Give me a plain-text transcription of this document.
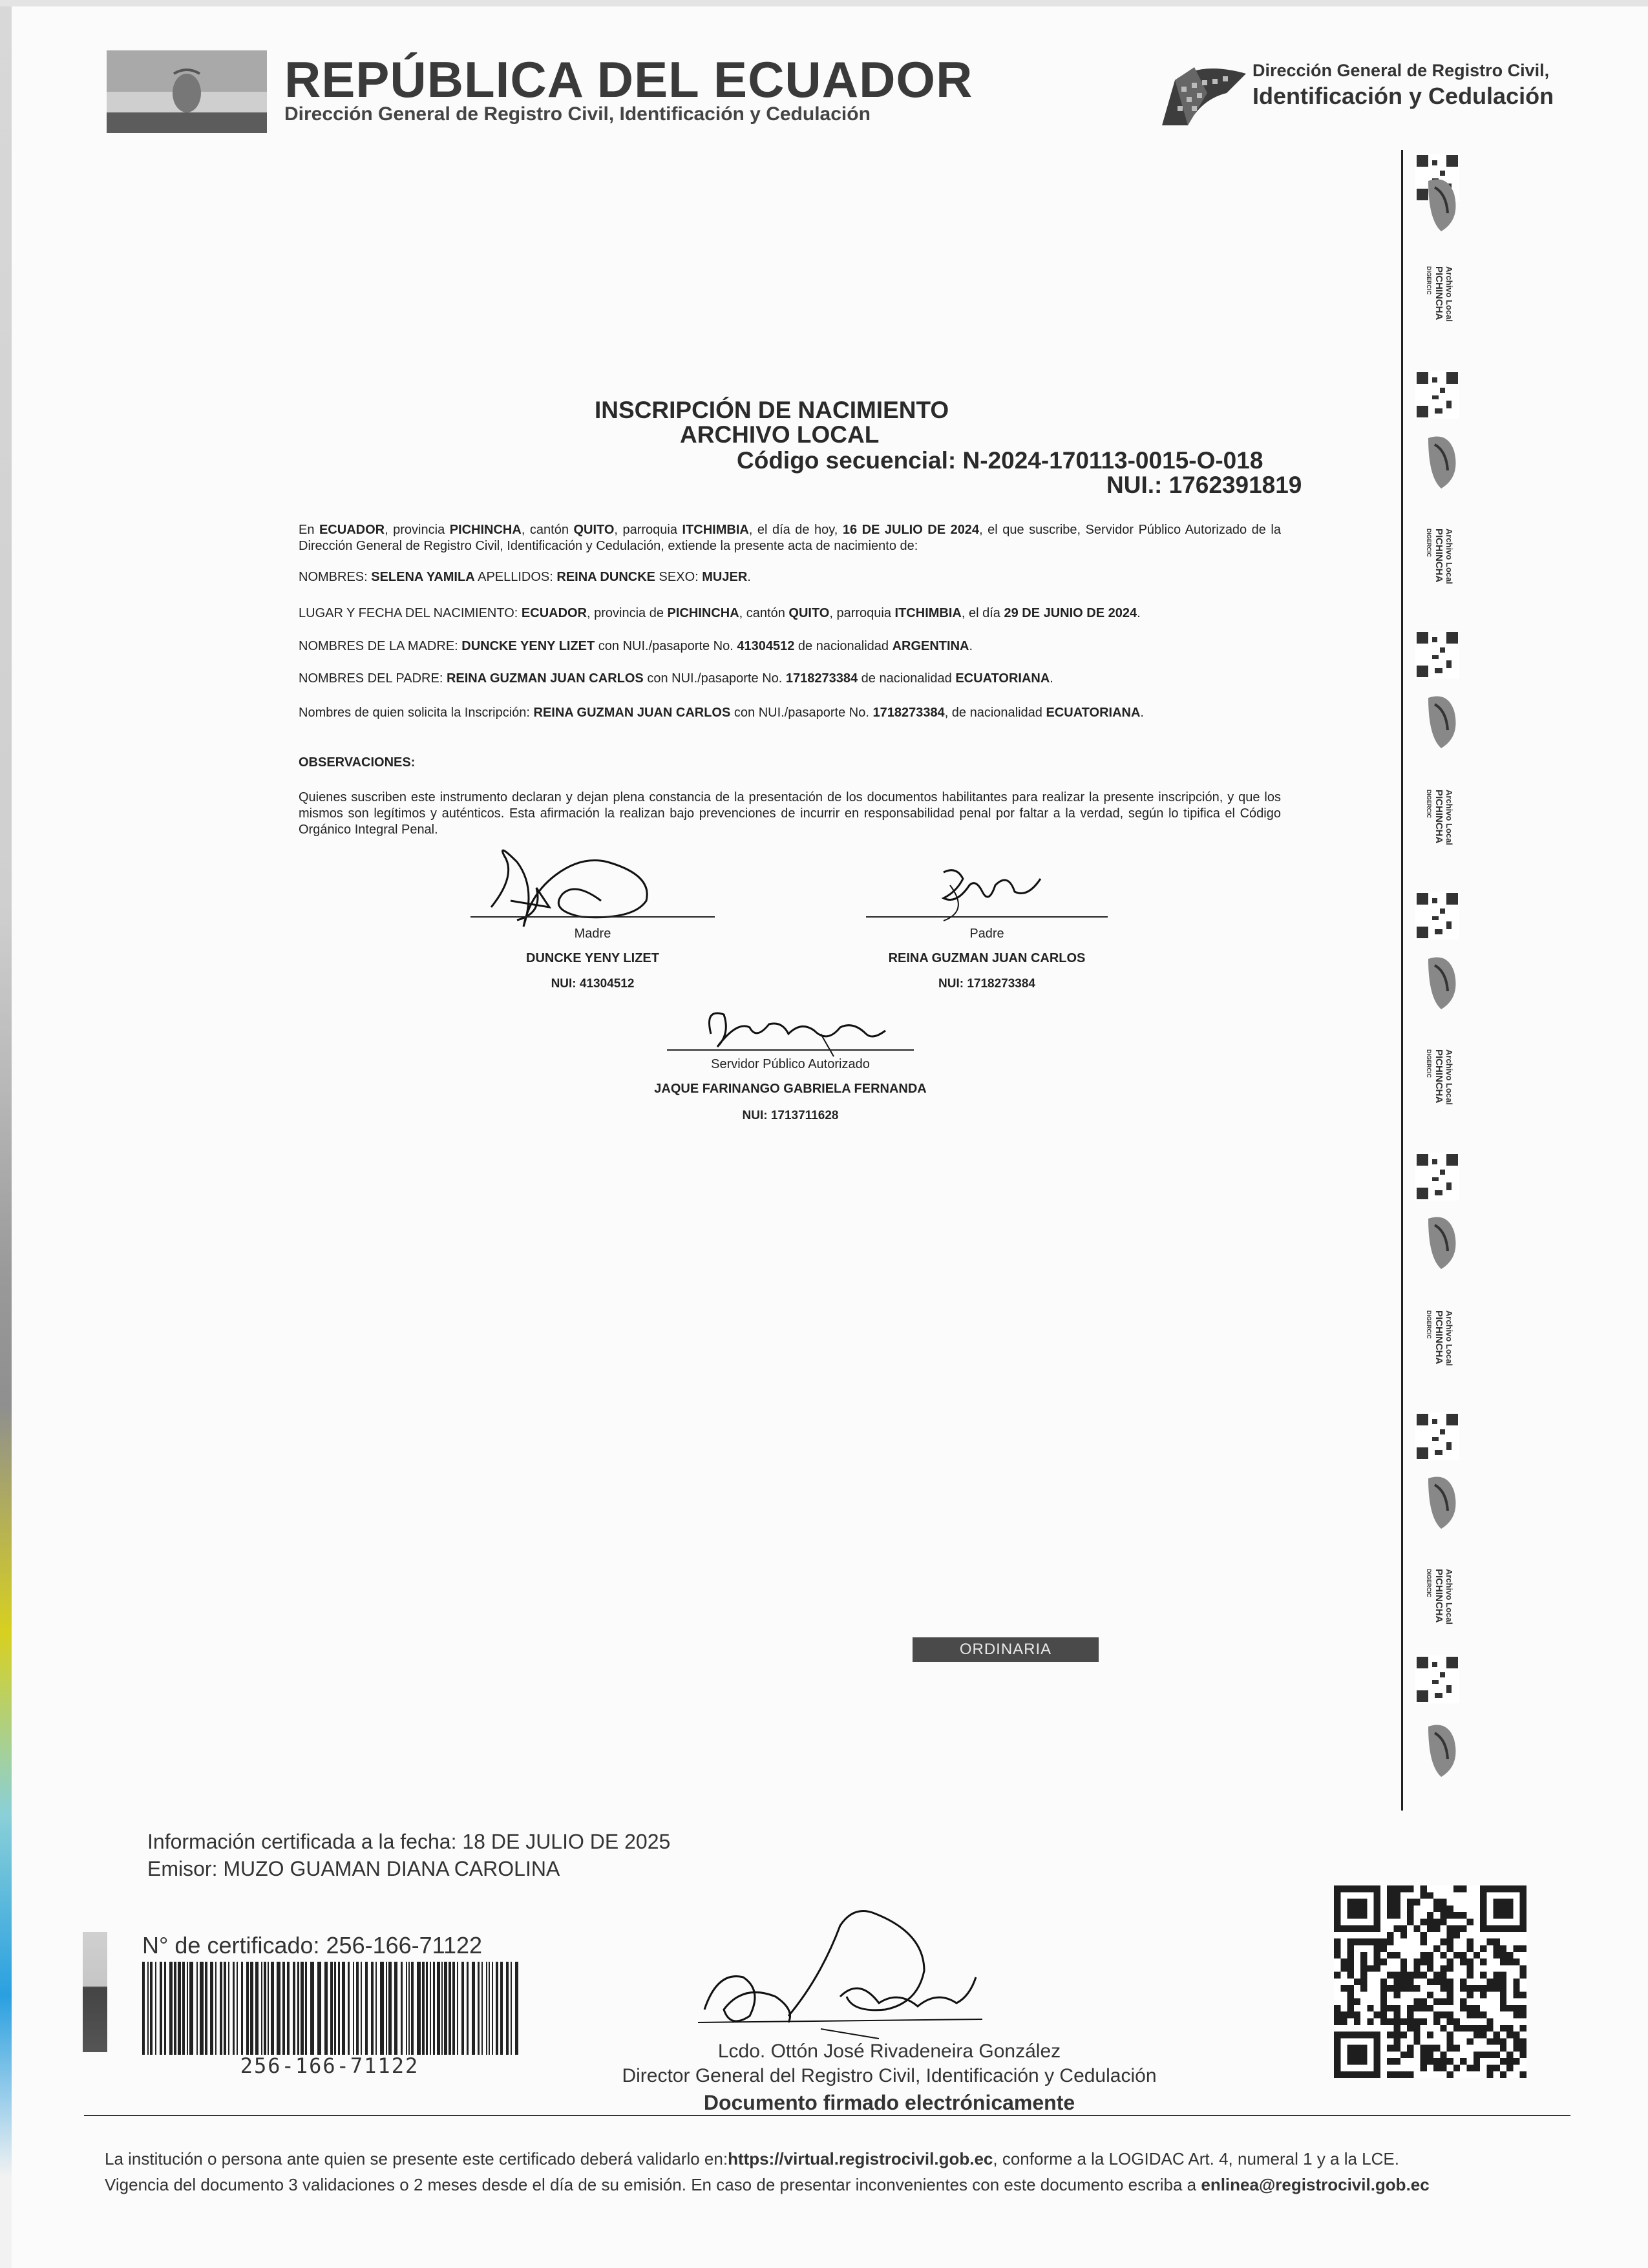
REPÚBLICA DEL ECUADOR
Dirección General de Registro Civil, Identificación y Cedulación
Dirección General de Registro Civil,
Identificación y Cedulación
Archivo Local
PICHINCHA
DIGERCIC
Archivo Local
PICHINCHA
DIGERCIC
Archivo Local
PICHINCHA
DIGERCIC
Archivo Local
PICHINCHA
DIGERCIC
Archivo Local
PICHINCHA
DIGERCIC
Archivo Local
PICHINCHA
DIGERCIC
INSCRIPCIÓN DE NACIMIENTO
ARCHIVO LOCAL
Código secuencial: N-2024-170113-0015-O-018
NUI.: 1762391819
En ECUADOR, provincia PICHINCHA, cantón QUITO, parroquia ITCHIMBIA, el día de hoy, 16 DE JULIO DE 2024, el que suscribe, Servidor Público Autorizado de la Dirección General de Registro Civil, Identificación y Cedulación, extiende la presente acta de nacimiento de:
NOMBRES: SELENA YAMILA APELLIDOS: REINA DUNCKE SEXO: MUJER.
LUGAR Y FECHA DEL NACIMIENTO: ECUADOR, provincia de PICHINCHA, cantón QUITO, parroquia ITCHIMBIA, el día 29 DE JUNIO DE 2024.
NOMBRES DE LA MADRE: DUNCKE YENY LIZET con NUI./pasaporte No. 41304512 de nacionalidad ARGENTINA.
NOMBRES DEL PADRE: REINA GUZMAN JUAN CARLOS con NUI./pasaporte No. 1718273384 de nacionalidad ECUATORIANA.
Nombres de quien solicita la Inscripción: REINA GUZMAN JUAN CARLOS con NUI./pasaporte No. 1718273384, de nacionalidad ECUATORIANA.
OBSERVACIONES:
Quienes suscriben este instrumento declaran y dejan plena constancia de la presentación de los documentos habilitantes para realizar la presente inscripción, y que los mismos son legítimos y auténticos. Esta afirmación la realizan bajo prevenciones de incurrir en responsabilidad penal por faltar a la verdad, según lo tipifica el Código Orgánico Integral Penal.
Madre
DUNCKE YENY LIZET
NUI: 41304512
Padre
REINA GUZMAN JUAN CARLOS
NUI: 1718273384
Servidor Público Autorizado
JAQUE FARINANGO GABRIELA FERNANDA
NUI: 1713711628
ORDINARIA
Información certificada a la fecha: 18 DE JULIO DE 2025
Emisor: MUZO GUAMAN DIANA CAROLINA
N° de certificado: 256-166-71122
256-166-71122
Lcdo. Ottón José Rivadeneira González
Director General del Registro Civil, Identificación y Cedulación
Documento firmado electrónicamente
La institución o persona ante quien se presente este certificado deberá validarlo en:https://virtual.registrocivil.gob.ec, conforme a la LOGIDAC Art. 4, numeral 1 y a la LCE.
Vigencia del documento 3 validaciones o 2 meses desde el día de su emisión. En caso de presentar inconvenientes con este documento escriba a enlinea@registrocivil.gob.ec
